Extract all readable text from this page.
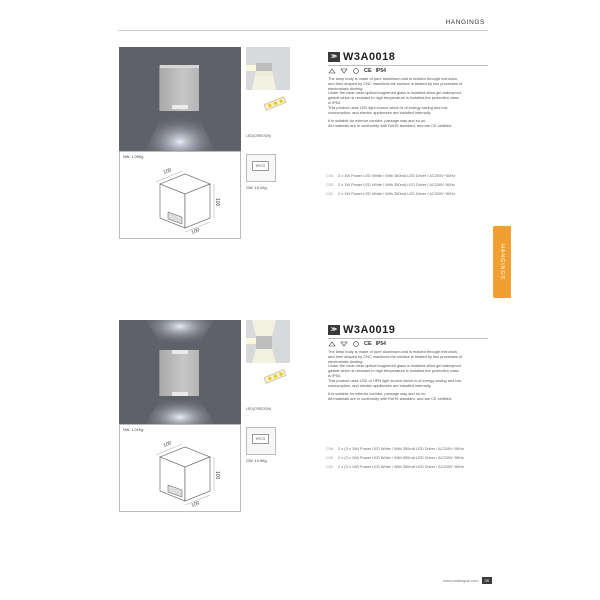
HANGINGS
HANGINGS
LED(CREE/ON)
NW: 1.05Kg
100
100
100
IP/C3
GW: 15.1Kg
≫ W3A0018
CE IP54

The lamp body is made of pure aluminium and is molded through extrusion,

and then shaped by CNC machines.the surface is treated by two processes of

electrostatic dusting.

Under the clear clear optical toughened glass is installed silica gel waterproof

gasket which is resistant to high temperature is installed,the protection class

is IP54.

This product uses LED light source which is of energy saving and low

consumption, and electric appliances are installed internally.

It is suitable for exterior corridor, passage way and so on.

All materials are in conformity with RoHS standard, and are CE certified.

C06	2 x 1W Power LED White / With 350mA LED Driver / AC200V~50Hz
C05	2 x 1W Power LED White / With 350mA LED Driver / AC230V~50Hz
C02	2 x 1W Power LED White / With 350mA LED Driver / AC200V~50Hz
LED(CREE/ON)
NW: 1.01Kg
100
100
100
IP/C3
GW: 10.9Kg
≫ W3A0019
CE IP54

The lamp body is made of pure aluminium and is molded through extrusion,

and then shaped by CNC machines.the surface is treated by two processes of

electrostatic dusting.

Under the clear clear optical toughened glass is installed silica gel waterproof

gasket which is resistant to high temperature is installed,the protection class

is IP54.

This product uses LED or HPN light source which is of energy saving and low

consumption, and electric appliances are installed internally.

It is suitable for exterior corridor, passage way and so on.

All materials are in conformity with RoHS standard, and are CE certified.

C06	2 x (3 x 1W) Power LED White / With 350mA LED Driver / AC200V~50Hz
C05	2 x (3 x 1W) Power LED White / With 350mA LED Driver / AC230V~50Hz
C02	2 x (3 x 1W) Power LED White / With 350mA LED Driver / AC200V~50Hz
www.catalogue.com	05
